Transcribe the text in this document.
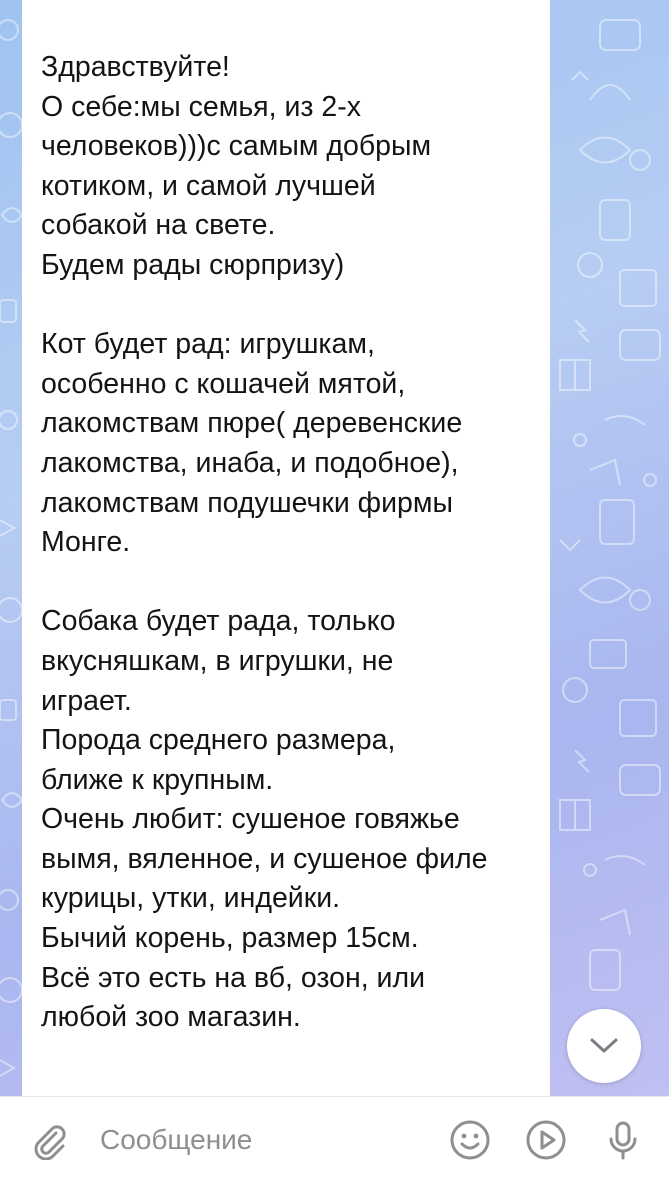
Здравствуйте!
О себе:мы семья, из 2-х
человеков)))с самым добрым
котиком, и самой лучшей
собакой на свете.
Будем рады сюрпризу)

Кот будет рад: игрушкам,
особенно с кошачей мятой,
лакомствам пюре( деревенские
лакомства, инаба, и подобное),
лакомствам подушечки фирмы
Монге.

Собака будет рада, только
вкусняшкам, в игрушки, не
играет.
Порода среднего размера,
ближе к крупным.
Очень любит: сушеное говяжье
вымя, вяленное, и сушеное филе
курицы, утки, индейки.
Бычий корень, размер 15см.
Всё это есть на вб, озон, или
любой зоо магазин.

Сообщение
